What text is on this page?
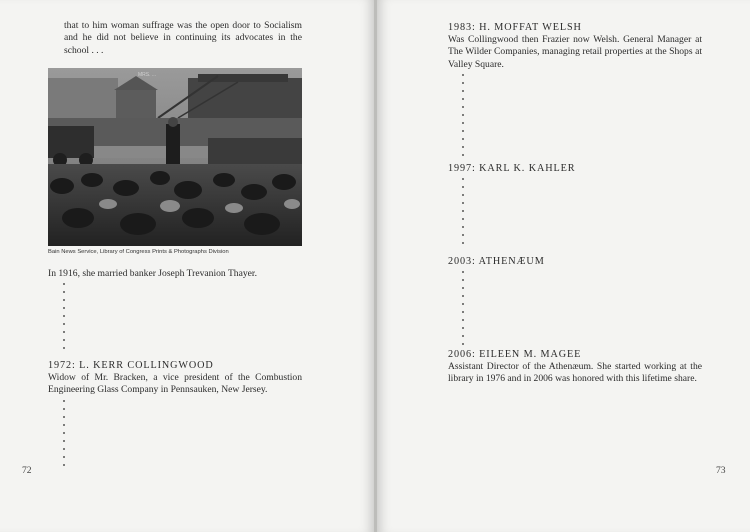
that to him woman suffrage was the open door to Socialism and he did not believe in continuing its advocates in the school . . .
MRS. ...
Bain News Service, Library of Congress Prints & Photographs Division
In 1916, she married banker Joseph Trevanion Thayer.
1972: L. KERR COLLINGWOOD
Widow of Mr. Bracken, a vice president of the Combustion Engineering Glass Company in Pennsauken, New Jersey.
72
1983: H. MOFFAT WELSH
Was Collingwood then Frazier now Welsh. General Manager at The Wilder Companies, managing retail properties at the Shops at Valley Square.
1997: KARL K. KAHLER
2003: ATHENÆUM
2006: EILEEN M. MAGEE
Assistant Director of the Athenæum. She started working at the library in 1976 and in 2006 was honored with this lifetime share.
73
